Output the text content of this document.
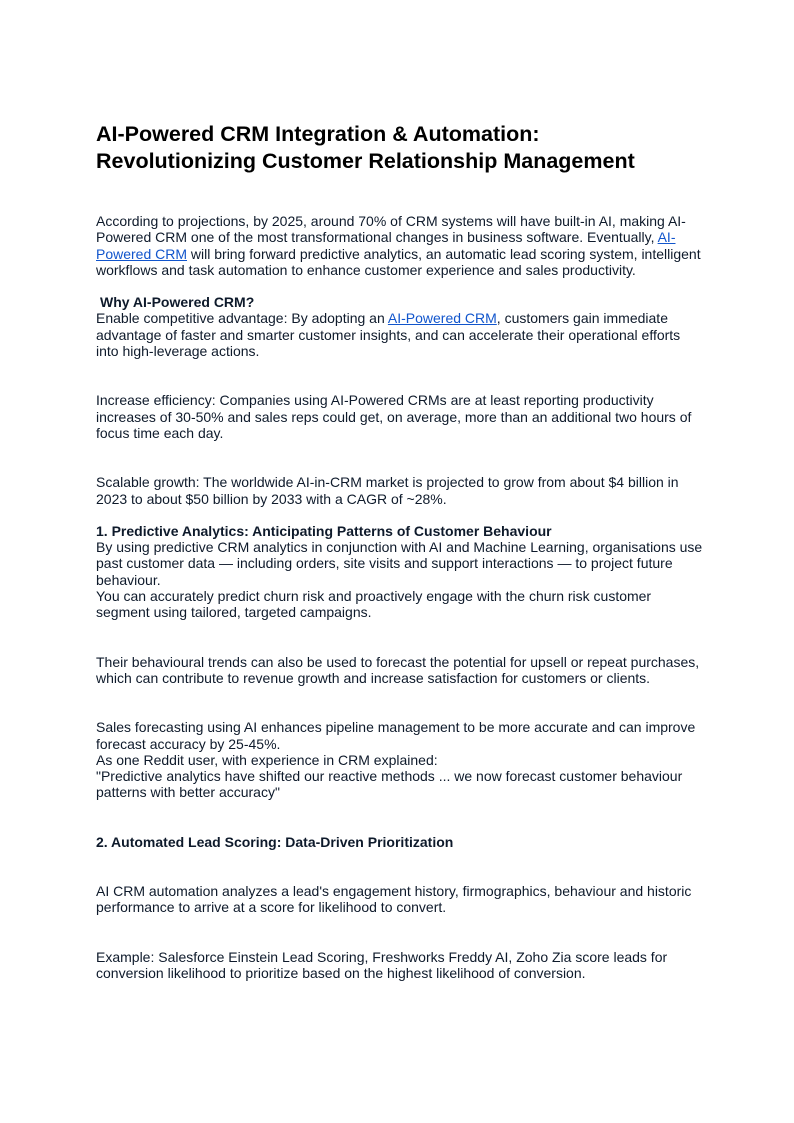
AI-Powered CRM Integration & Automation:
Revolutionizing Customer Relationship Management

According to projections, by 2025, around 70% of CRM systems will have built-in AI, making AI-Powered CRM one of the most transformational changes in business software. Eventually, AI-Powered CRM will bring forward predictive analytics, an automatic lead scoring system, intelligent workflows and task automation to enhance customer experience and sales productivity.

Why AI-Powered CRM?

Enable competitive advantage: By adopting an AI-Powered CRM, customers gain immediate advantage of faster and smarter customer insights, and can accelerate their operational efforts into high-leverage actions.

Increase efficiency: Companies using AI-Powered CRMs are at least reporting productivity increases of 30-50% and sales reps could get, on average, more than an additional two hours of focus time each day.

Scalable growth: The worldwide AI-in-CRM market is projected to grow from about $4 billion in 2023 to about $50 billion by 2033 with a CAGR of ~28%.

1. Predictive Analytics: Anticipating Patterns of Customer Behaviour

By using predictive CRM analytics in conjunction with AI and Machine Learning, organisations use past customer data — including orders, site visits and support interactions — to project future behaviour.

You can accurately predict churn risk and proactively engage with the churn risk customer segment using tailored, targeted campaigns.

Their behavioural trends can also be used to forecast the potential for upsell or repeat purchases, which can contribute to revenue growth and increase satisfaction for customers or clients.

Sales forecasting using AI enhances pipeline management to be more accurate and can improve forecast accuracy by 25-45%.

As one Reddit user, with experience in CRM explained:

"Predictive analytics have shifted our reactive methods ... we now forecast customer behaviour patterns with better accuracy"

2. Automated Lead Scoring: Data-Driven Prioritization

AI CRM automation analyzes a lead's engagement history, firmographics, behaviour and historic performance to arrive at a score for likelihood to convert.

Example: Salesforce Einstein Lead Scoring, Freshworks Freddy AI, Zoho Zia score leads for conversion likelihood to prioritize based on the highest likelihood of conversion.
